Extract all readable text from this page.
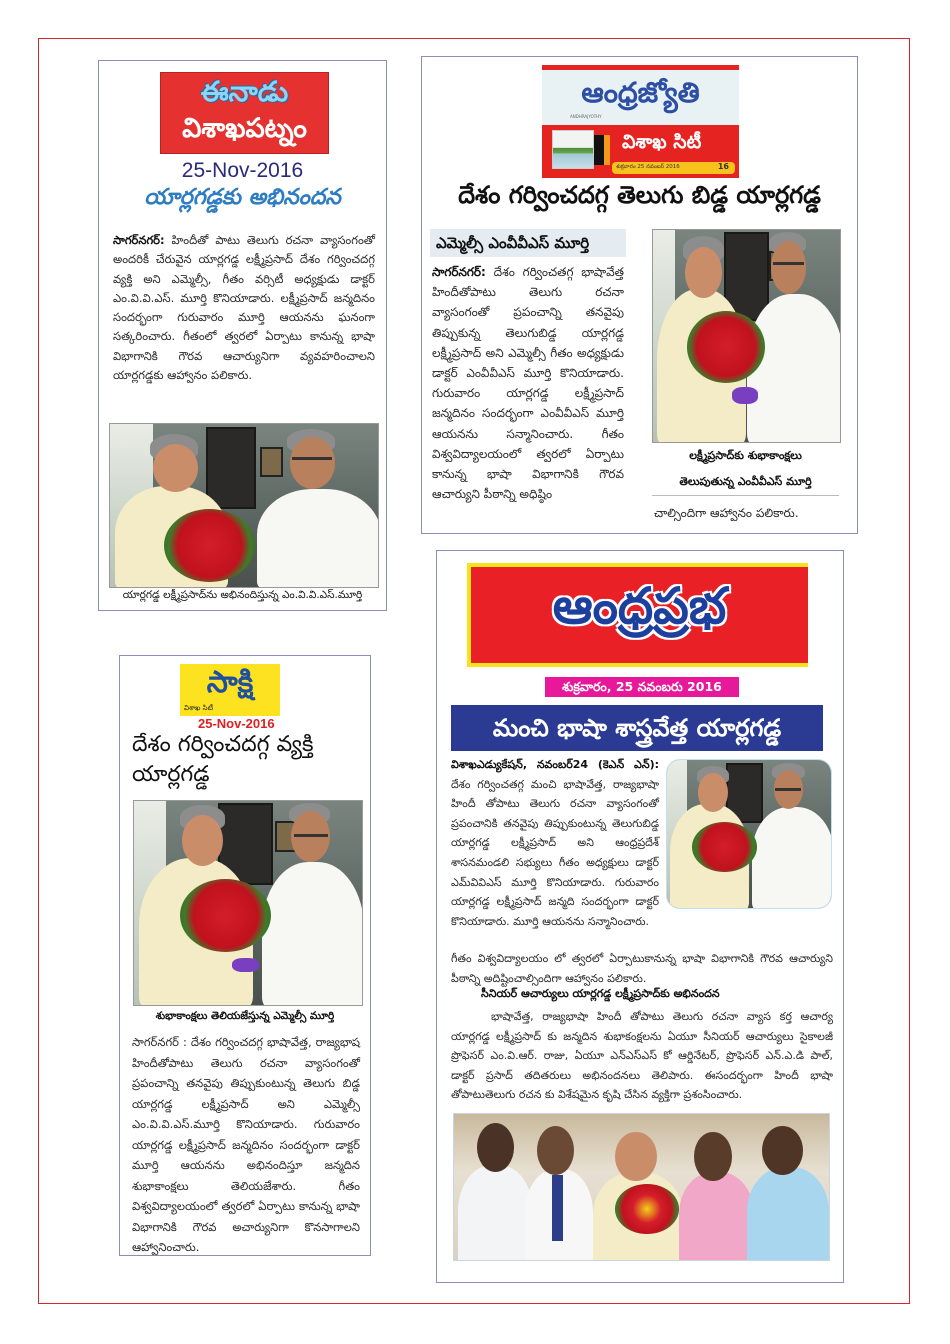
ఈనాడు
విశాఖపట్నం
25-Nov-2016
యార్లగడ్డకు అభినందన
సాగర్‌నగర్: హిందీతో పాటు తెలుగు రచనా వ్యాసంగంతో అందరికీ చేరువైన యార్లగడ్డ లక్ష్మీప్రసాద్ దేశం గర్వించదగ్గ వ్యక్తి అని ఎమ్మెల్సీ, గీతం వర్సిటీ అధ్యక్షుడు డాక్టర్ ఎం.వి.వి.ఎస్. మూర్తి కొనియాడారు. లక్ష్మీప్రసాద్ జన్మదినం సందర్భంగా గురువారం మూర్తి ఆయనను ఘనంగా సత్కరించారు. గీతంలో త్వరలో ఏర్పాటు కానున్న భాషా విభాగానికి గౌరవ ఆచార్యునిగా వ్యవహరించాలని యార్లగడ్డకు ఆహ్వానం పలికారు.
యార్లగడ్డ లక్ష్మీప్రసాద్‌ను అభినందిస్తున్న ఎం.వి.వి.ఎస్.మూర్తి
ఆంధ్రజ్యోతి
ANDHRAJYOTHY
విశాఖ సిటీ
శుక్రవారం 25 నవంబర్ 2016	16
దేశం గర్వించదగ్గ తెలుగు బిడ్డ యార్లగడ్డ
ఎమ్మెల్సీ ఎంవీవీఎస్ మూర్తి
సాగర్‌నగర్: దేశం గర్వించతగ్గ భాషావేత్త హిందీతోపాటు తెలుగు రచనా వ్యాసంగంతో ప్రపంచాన్ని తనవైపు తిప్పుకున్న తెలుగుబిడ్డ యార్లగడ్డ లక్ష్మీప్రసాద్ అని ఎమ్మెల్సీ గీతం అధ్యక్షుడు డాక్టర్ ఎంవీవీఎస్ మూర్తి కొనియాడారు. గురువారం యార్లగడ్డ లక్ష్మీప్రసాద్ జన్మదినం సందర్భంగా ఎంవీవీఎస్ మూర్తి ఆయనను సన్మానించారు. గీతం విశ్వవిద్యాలయంలో త్వరలో ఏర్పాటు కానున్న భాషా విభాగానికి గౌరవ ఆచార్యుని పీఠాన్ని అధిష్ఠిం
లక్ష్మీప్రసాద్‌కు శుభాకాంక్షలు
తెలుపుతున్న ఎంవీవీఎస్ మూర్తి
చాల్సిందిగా ఆహ్వానం పలికారు.
సాక్షి
విశాఖ సిటీ
25-Nov-2016
దేశం గర్వించదగ్గ వ్యక్తి
యార్లగడ్డ
శుభాకాంక్షలు తెలియజేస్తున్న ఎమ్మెల్సీ మూర్తి
సాగర్‌నగర్ : దేశం గర్వించదగ్గ భాషావేత్త, రాజ్యభాష హిందీతోపాటు తెలుగు రచనా వ్యాసంగంతో ప్రపంచాన్ని తనవైపు తిప్పుకుంటున్న తెలుగు బిడ్డ యార్లగడ్డ లక్ష్మీప్రసాద్ అని ఎమ్మెల్సీ ఎం.వి.వి.ఎస్.మూర్తి కొనియాడారు. గురువారం యార్లగడ్డ లక్ష్మీప్రసాద్ జన్మదినం సందర్భంగా డాక్టర్ మూర్తి ఆయనను అభినందిస్తూ జన్మదిన శుభాకాంక్షలు తెలియజేశారు. గీతం విశ్వవిద్యాలయంలో త్వరలో ఏర్పాటు కానున్న భాషా విభాగానికి గౌరవ అచార్యునిగా కొనసాగాలని ఆహ్వానించారు.
ఆంధ్రప్రభ
శుక్రవారం, 25 నవంబరు 2016
మంచి భాషా శాస్త్రవేత్త యార్లగడ్డ
విశాఖఎడ్యుకేషన్, నవంబర్24 (కెఎన్ ఎన్): దేశం గర్వించతగ్గ మంచి భాషావేత్త, రాజ్యభాషా హిందీ తోపాటు తెలుగు రచనా వ్యాసంగంతో ప్రపంచానికి తనవైపు తిప్పుకుంటున్న తెలుగుబిడ్డ యార్లగడ్డ లక్ష్మీప్రసాద్ అని ఆంధ్రప్రదేశ్ శాసనమండలి సభ్యులు గీతం అధ్యక్షులు డాక్టర్ ఎమ్‌వివిఎస్ మూర్తి కొనియాడారు. గురువారం యార్లగడ్డ లక్ష్మీప్రసాద్ జన్మది సందర్భంగా డాక్టర్ కొనియాడారు. మూర్తి ఆయనను సన్మానించారు.
గీతం విశ్వవిద్యాలయం లో త్వరలో ఏర్పాటుకానున్న భాషా విభాగానికి గౌరవ ఆచార్యుని పీఠాన్ని అదిష్టించాల్సిందిగా ఆహ్వానం పలికారు.
సీనియర్ ఆచార్యులు యార్లగడ్డ లక్ష్మీప్రసాద్‌కు అభినందన
భాషావేత్త, రాజ్యభాషా హిందీ తోపాటు తెలుగు రచనా వ్యాస కర్త ఆచార్య యార్లగడ్డ లక్ష్మీప్రసాద్ కు జన్మదిన శుభాకంక్షలను ఏయూ సీనియర్ ఆచార్యులు సైకాలజీ ప్రొఫెసర్ ఎం.వి.ఆర్. రాజు, ఏయూ ఎన్ఎస్ఎస్ కో ఆర్డినేటర్, ప్రొఫెసర్ ఎన్.ఎ.డి పాల్, డాక్టర్ ప్రసాద్ తదితరులు అభినందనలు తెలిపారు. ఈసందర్భంగా హిందీ భాషా తోపాటుతెలుగు రచన కు విశేషమైన కృషి చేసిన వ్యక్తిగా ప్రశంసించారు.
